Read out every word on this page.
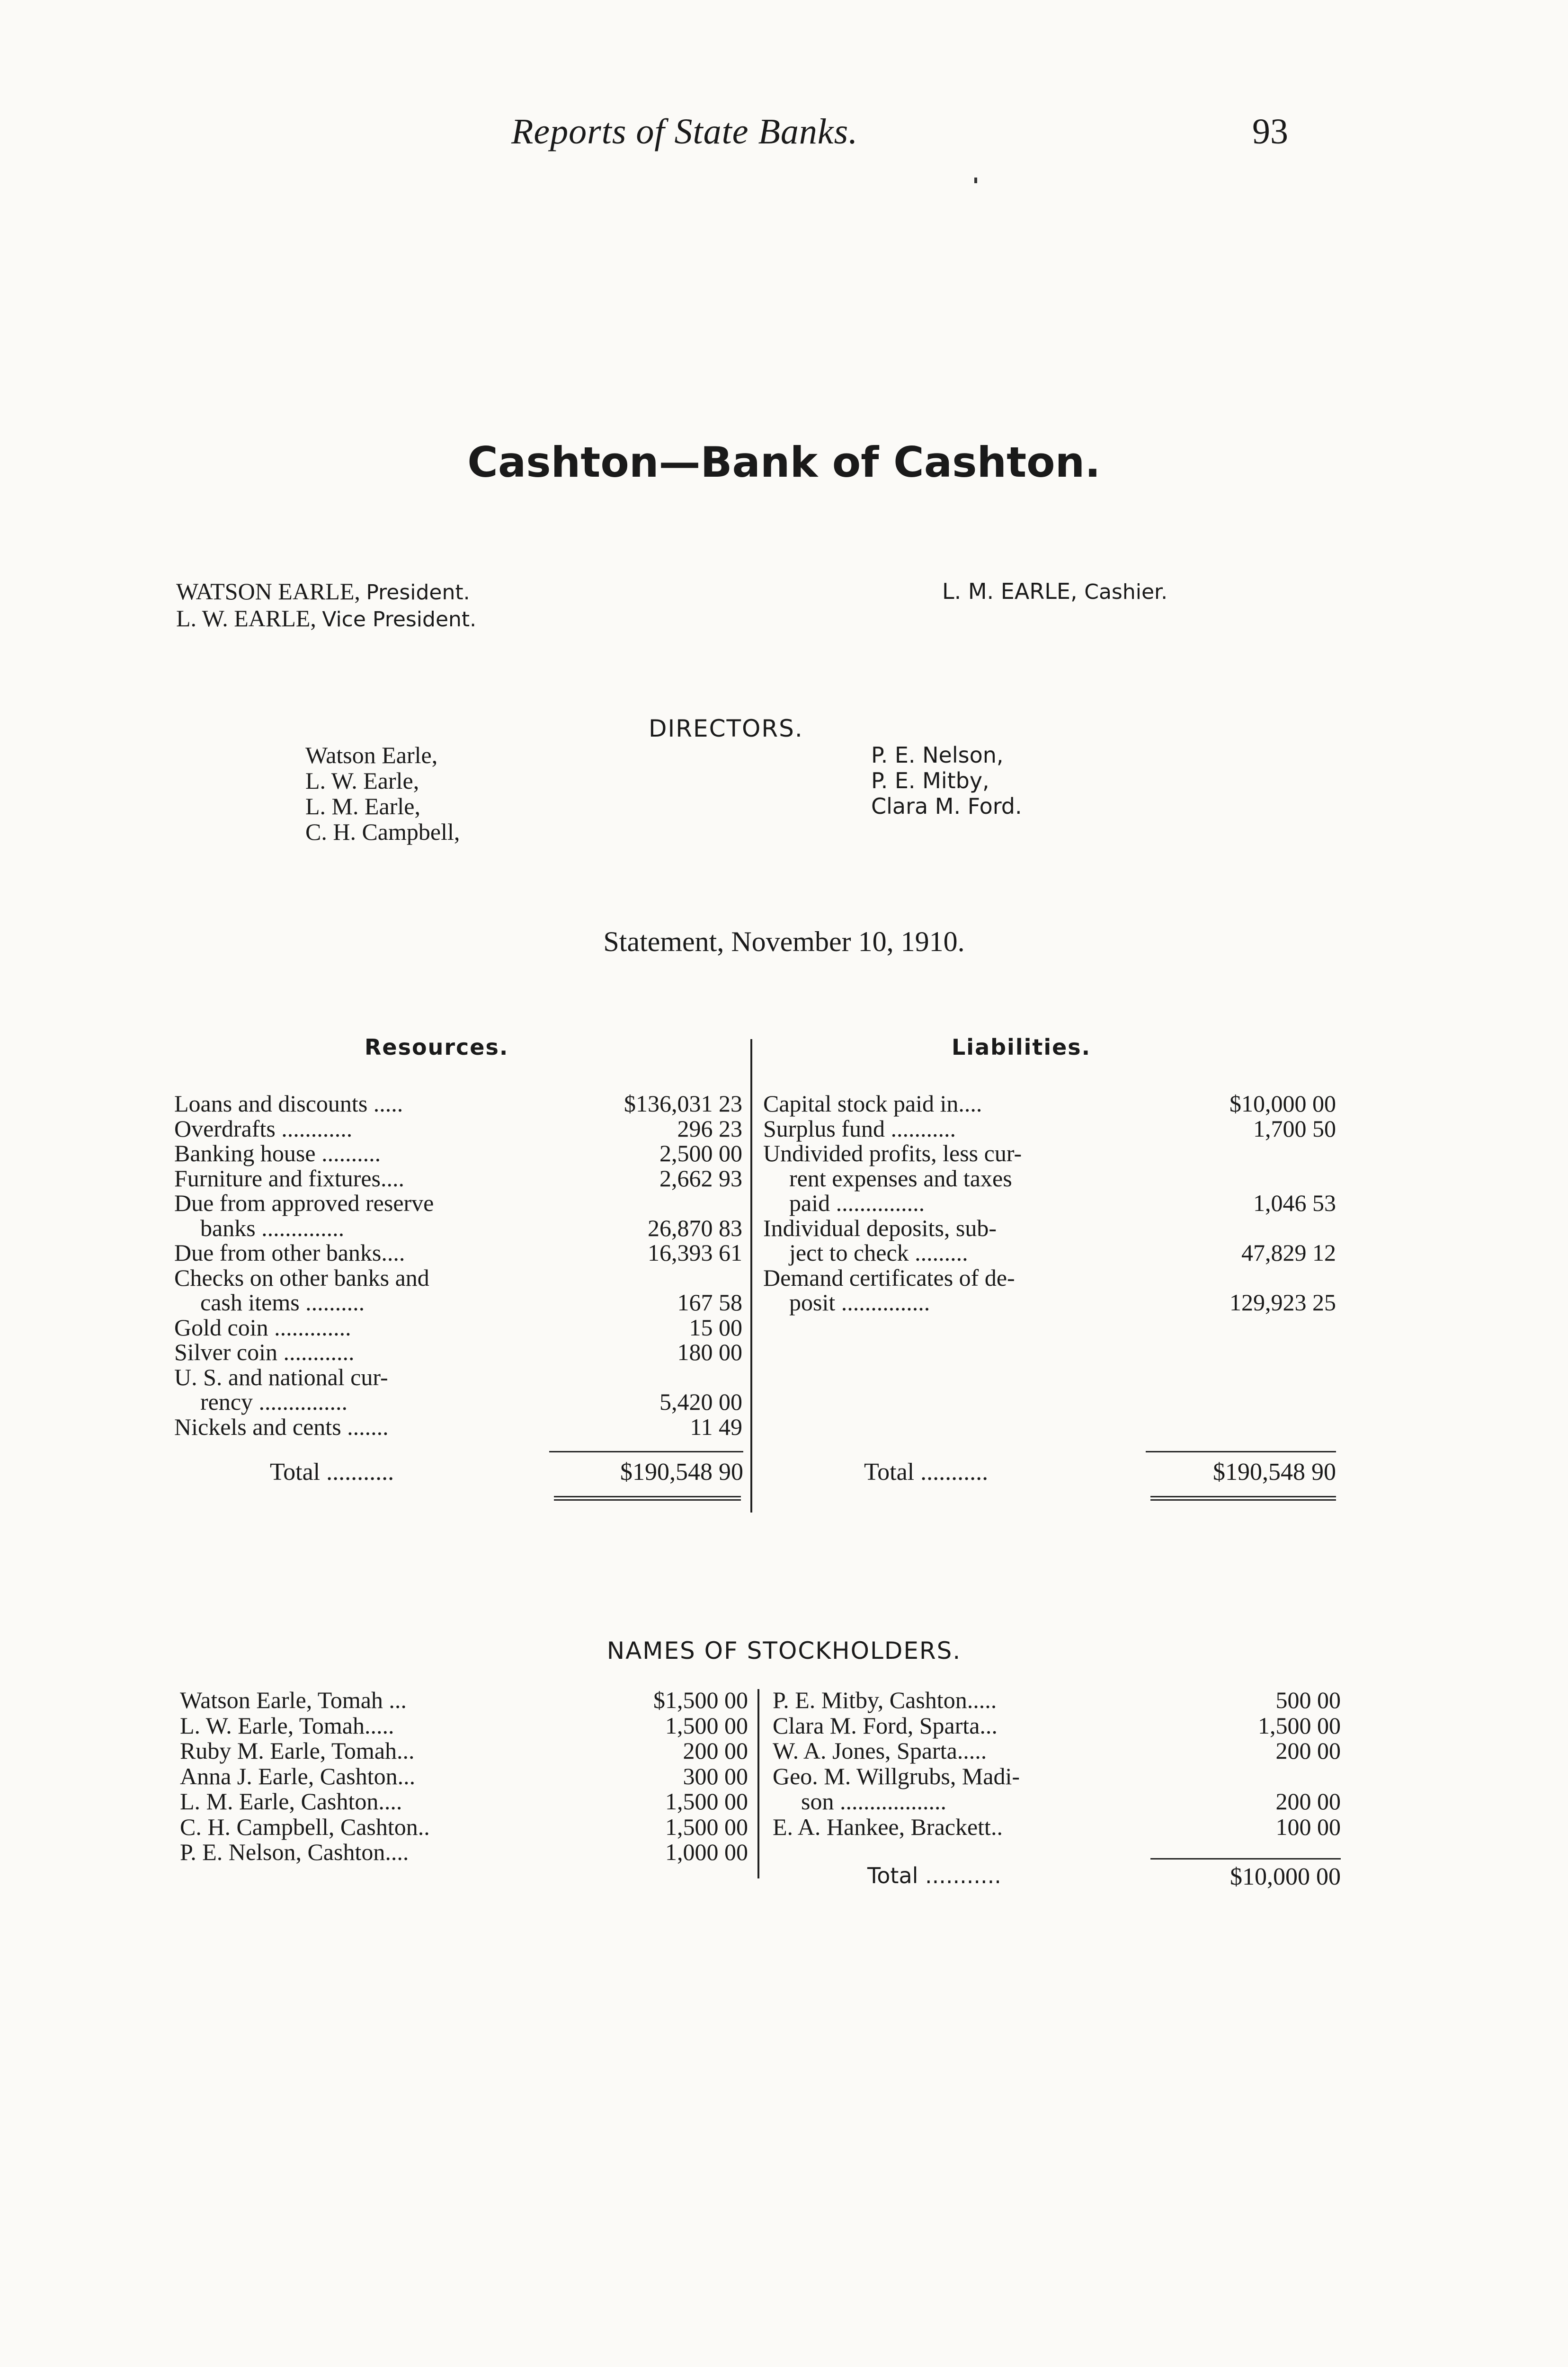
Reports of State Banks.	93
Cashton—Bank of Cashton.
WATSON EARLE, President.
L. W. EARLE, Vice President.
L. M. EARLE, Cashier.
DIRECTORS.
Watson Earle,
L. W. Earle,
L. M. Earle,
C. H. Campbell,
P. E. Nelson,
P. E. Mitby,
Clara M. Ford.
Statement, November 10, 1910.
Resources.	Liabilities.
Loans and discounts .....	$136,031 23
Overdrafts ............	296 23
Banking house ..........	2,500 00
Furniture and fixtures....	2,662 93
Due from approved reserve
banks ..............	26,870 83
Due from other banks....	16,393 61
Checks on other banks and
cash items ..........	167 58
Gold coin .............	15 00
Silver coin ............	180 00
U. S. and national cur-
rency ...............	5,420 00
Nickels and cents .......	11 49
Capital stock paid in....	$10,000 00
Surplus fund ...........	1,700 50
Undivided profits, less cur-
rent expenses and taxes
paid ...............	1,046 53
Individual deposits, sub-
ject to check .........	47,829 12
Demand certificates of de-
posit ...............	129,923 25
Total ...........	$190,548 90	Total ...........	$190,548 90
NAMES OF STOCKHOLDERS.
Watson Earle, Tomah ...	$1,500 00
L. W. Earle, Tomah.....	1,500 00
Ruby M. Earle, Tomah...	200 00
Anna J. Earle, Cashton...	300 00
L. M. Earle, Cashton....	1,500 00
C. H. Campbell, Cashton..	1,500 00
P. E. Nelson, Cashton....	1,000 00
P. E. Mitby, Cashton.....	500 00
Clara M. Ford, Sparta...	1,500 00
W. A. Jones, Sparta.....	200 00
Geo. M. Willgrubs, Madi-
son ..................	200 00
E. A. Hankee, Brackett..	100 00
Total ...........	$10,000 00
